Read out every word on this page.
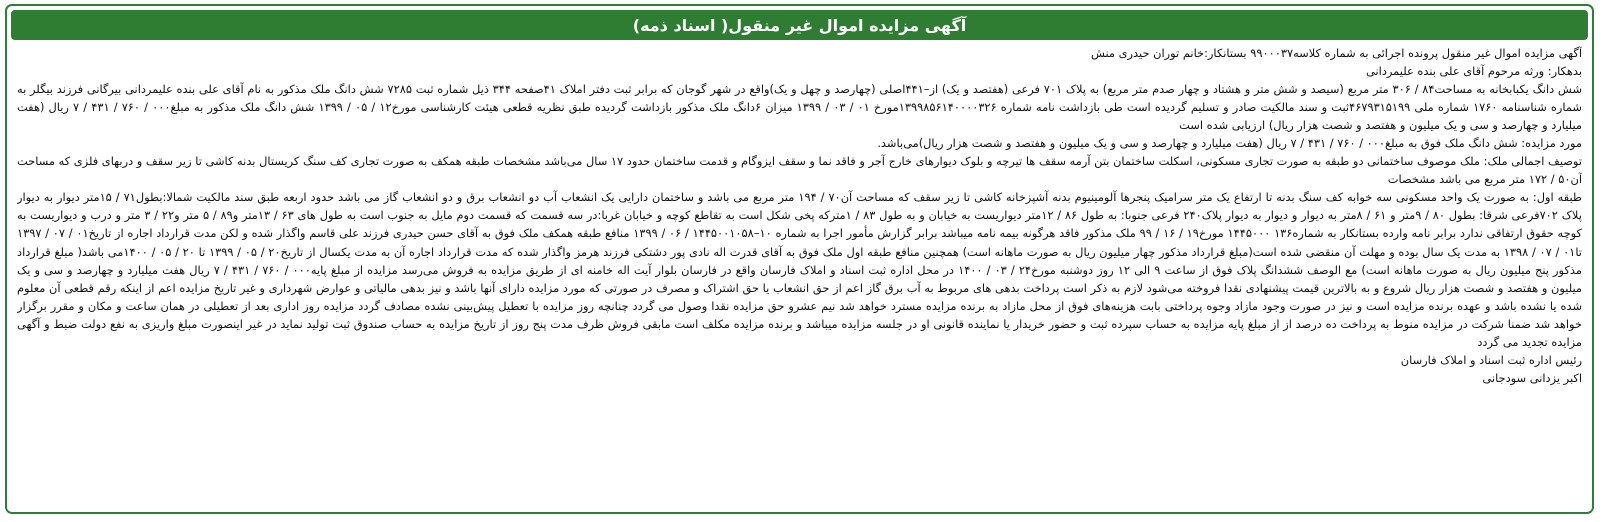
آگهی مزایده اموال غیر منقول( اسناد ذمه)

آگهی مزایده اموال غیر منقول پرونده اجرائی به شماره کلاسه۹۹۰۰۰۳۷ بستانکار:خانم توران حیدری منش

بدهکار: ورثه مرحوم آقای علی بنده علیمردانی

شش دانگ یکبابخانه به مساحت۸۴ / ۳۰۶ متر مربع (سیصد و شش متر و هشتاد و چهار صدم متر مربع) به پلاک ۷۰۱ فرعی (هفتصد و یک) از–۴۴۱اصلی (چهارصد و چهل و یک)واقع در شهر گوجان که برابر ثبت دفتر املاک ۴۱صفحه ۳۴۴ ذیل شماره ثبت ۷۲۸۵ شش دانگ ملک مذکور به نام آقای علی بنده علیمردانی بیرگانی فرزند بیگلر به شماره شناسنامه ۱۷۶۰ شماره ملی ۴۶۷۹۳۱۵۱۹۹ثبت و سند مالکیت صادر و تسلیم گردیده است طی بازداشت نامه شماره ۱۳۹۹۸۵۶۱۴۰۰۰۰۳۲۶مورخ ۰۱ / ۰۳ / ۱۳۹۹ میزان ۶دانگ ملک مذکور بازداشت گردیده طبق نظریه قطعی هیئت کارشناسی مورخ۱۲ / ۰۵ / ۱۳۹۹ شش دانگ ملک مذکور به مبلغ۰۰۰ / ۷۶۰ / ۴۳۱ / ۷ ریال (هفت میلیارد و چهارصد و سی و یک میلیون و هفتصد و شصت هزار ریال) ارزیابی شده است

مورد مزایده: شش دانگ ملک فوق به مبلغ۰۰۰ / ۷۶۰ / ۴۳۱ / ۷ ریال (هفت میلیارد و چهارصد و سی و یک میلیون و هفتصد و شصت هزار ریال)می‌باشد.

توصیف اجمالی ملک: ملک موصوف ساختمانی دو طبقه به صورت تجاری مسکونی، اسکلت ساختمان بتن آرمه سقف ها تیرچه و بلوک دیوارهای خارج آجر و فاقد نما و سقف ایزوگام و قدمت ساختمان حدود ۱۷ سال می‌باشد مشخصات طبقه همکف به صورت تجاری کف سنگ کریستال بدنه کاشی تا زیر سقف و دربهای فلزی که مساحت آن۵۰ / ۱۷۲ متر مربع می باشد مشخصات

طبقه اول: به صورت یک واحد مسکونی سه خوابه کف سنگ بدنه تا ارتفاع یک متر سرامیک پنجرها آلومینیوم بدنه آشپزخانه کاشی تا زیر سقف که مساحت آن۷۰ / ۱۹۴ متر مربع می باشد و ساختمان دارایی یک انشعاب آب دو انشعاب برق و دو انشعاب گاز می باشد حدود اربعه طبق سند مالکیت شمالا:بطول۷۱ / ۱۵متر دیوار به دیوار پلاک ۷۰۲فرعی شرقا: بطول ۸۰ / ۹متر و ۶۱ / ۸متر به دیوار و دیوار به دیوار پلاک۲۴۰ فرعی جنوبا: به طول ۸۶ / ۱۲متر دیواریست به خیابان و به طول ۸۳ / ۱مترکه پخی شکل است به تقاطع کوچه و خیابان غربا:در سه قسمت که قسمت دوم مایل به جنوب است به طول های ۶۳ / ۱۳متر و۸۹ / ۵ متر و۲۲ / ۳ متر و درب و دیواریست به کوچه حقوق ارتفاقی ندارد برابر نامه وارده بستانکار به شماره۱۳۶ ۱۴۴۵۰۰۰ مورخ۱۹ / ۱۶ / ۹۹ ملک مذکور فاقد هرگونه بیمه نامه میباشد برابر گزارش مأمور اجرا به شماره ۱۰–۱۴۴۵۰۰۱۰۵۸ / ۰۶ / ۱۳۹۹ منافع طبقه همکف ملک فوق به آقای حسن حیدری فرزند علی قاسم واگذار شده و لکن مدت قرارداد اجاره از تاریخ۰۱ / ۰۷ / ۱۳۹۷ تا۰۱ / ۰۷ / ۱۳۹۸ به مدت یک سال بوده و مهلت آن منقضی شده است(مبلغ قرارداد مذکور چهار میلیون ریال به صورت ماهانه است) همچنین منافع طبقه اول ملک فوق به آقای قدرت اله نادی پور دشتکی فرزند هرمز واگذار شده که مدت قرارداد اجاره آن به مدت یکسال از تاریخ۲۰ / ۰۵ / ۱۳۹۹ تا ۲۰ / ۰۵ / ۱۴۰۰می باشد( مبلغ قرارداد مذکور پنج میلیون ریال به صورت ماهانه است) مع الوصف ششدانگ پلاک فوق از ساعت ۹ الی ۱۲ روز دوشنبه مورخ۲۴ / ۰۳ / ۱۴۰۰ در محل اداره ثبت اسناد و املاک فارسان واقع در فارسان بلوار آیت اله خامنه ای از طریق مزایده به فروش می‌رسد مزایده از مبلغ پایه۰۰۰ / ۷۶۰ / ۴۳۱ / ۷ ریال هفت میلیارد و چهارصد و سی و یک میلیون و هفتصد و شصت هزار ریال شروع و به بالاترین قیمت پیشنهادی نقدا فروخته می‌شود لازم به ذکر است پرداخت بدهی های مربوط به آب برق گاز اعم از حق انشعاب یا حق اشتراک و مصرف در صورتی که مورد مزایده دارای آنها باشد و نیز بدهی مالیاتی و عوارض شهرداری و غیر تاریخ مزایده اعم از اینکه رقم قطعی آن معلوم شده یا نشده باشد و عهده برنده مزایده است و نیز در صورت وجود مازاد وجوه پرداختی بابت هزینه‌های فوق از محل مازاد به برنده مزایده مسترد خواهد شد نیم عشرو حق مزایده نقدا وصول می گردد چنانچه روز مزایده با تعطیل پیش‌بینی نشده مصادف گردد مزایده روز اداری بعد از تعطیلی در همان ساعت و مکان و مقرر برگزار خواهد شد ضمنا شرکت در مزایده منوط به پرداخت ده درصد از از مبلغ پایه مزایده به حساب سپرده ثبت و حضور خریدار یا نماینده قانونی او در جلسه مزایده میباشد و برنده مزایده مکلف است مابقی فروش ظرف مدت پنج روز از تاریخ مزایده به حساب صندوق ثبت تولید نماید در غیر اینصورت مبلغ واریزی به نفع دولت ضبط و آگهی مزایده تجدید می گردد

رئیس اداره ثبت اسناد و املاک فارسان

اکبر یزدانی سودجانی
